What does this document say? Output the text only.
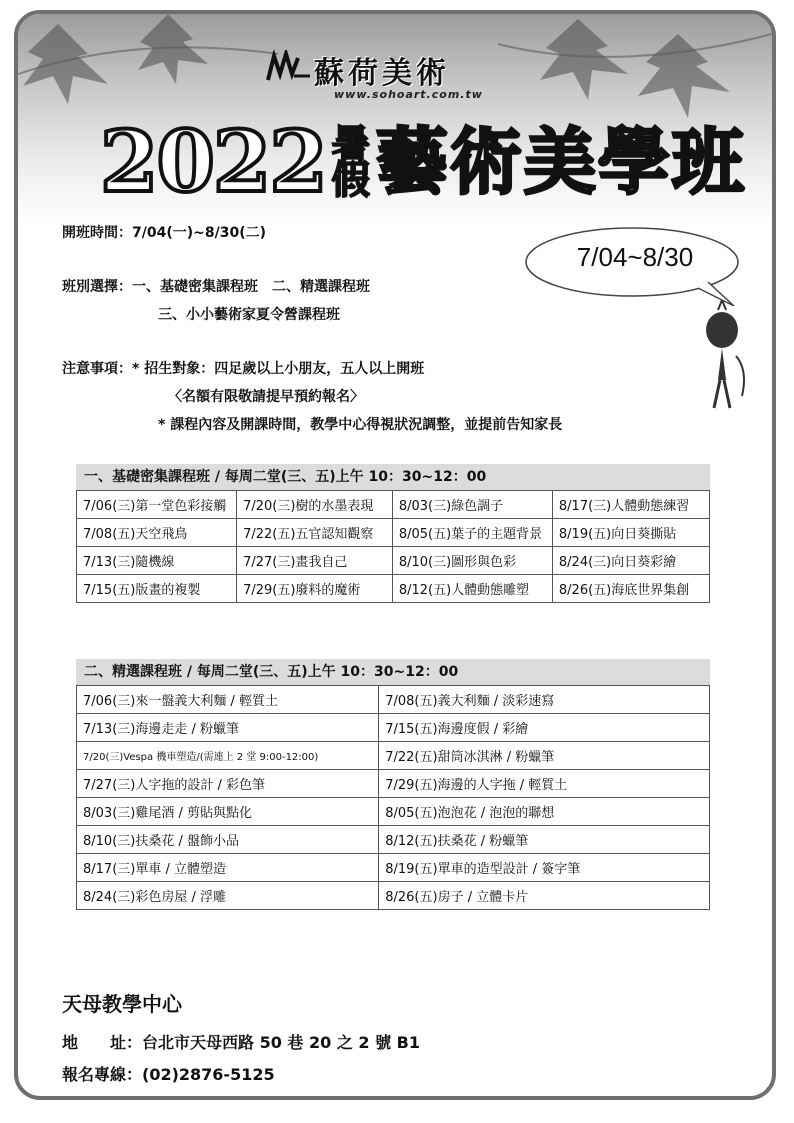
蘇荷美術
www.sohoart.com.tw
2022 暑
假 藝術美學班
7/04~8/30
開班時間：7/04(一)~8/30(二)
班別選擇：一、基礎密集課程班　二、精選課程班
三、小小藝術家夏令營課程班
注意事項：* 招生對象：四足歲以上小朋友，五人以上開班
〈名額有限敬請提早預約報名〉
* 課程內容及開課時間，教學中心得視狀況調整，並提前告知家長
一、基礎密集課程班 / 每周二堂(三、五)上午 10：30~12：00
7/06(三)第一堂色彩接觸	7/20(三)樹的水墨表現	8/03(三)綠色調子	8/17(三)人體動態練習
7/08(五)天空飛鳥	7/22(五)五官認知觀察	8/05(五)葉子的主題背景	8/19(五)向日葵撕貼
7/13(三)隨機線	7/27(三)畫我自己	8/10(三)圖形與色彩	8/24(三)向日葵彩繪
7/15(五)版畫的複製	7/29(五)廢料的魔術	8/12(五)人體動態雕塑	8/26(五)海底世界集創
二、精選課程班 / 每周二堂(三、五)上午 10：30~12：00
7/06(三)來一盤義大利麵 / 輕質土	7/08(五)義大利麵 / 淡彩速寫
7/13(三)海邊走走 / 粉蠟筆	7/15(五)海邊度假 / 彩繪
7/20(三)Vespa 機車塑造/(需連上 2 堂 9:00-12:00)	7/22(五)甜筒冰淇淋 / 粉蠟筆
7/27(三)人字拖的設計 / 彩色筆	7/29(五)海邊的人字拖 / 輕質土
8/03(三)雞尾酒 / 剪貼與點化	8/05(五)泡泡花 / 泡泡的聯想
8/10(三)扶桑花 / 盤飾小品	8/12(五)扶桑花 / 粉蠟筆
8/17(三)單車 / 立體塑造	8/19(五)單車的造型設計 / 簽字筆
8/24(三)彩色房屋 / 浮雕	8/26(五)房子 / 立體卡片
天母教學中心
地　　址：台北市天母西路 50 巷 20 之 2 號 B1
報名專線：(02)2876-5125
